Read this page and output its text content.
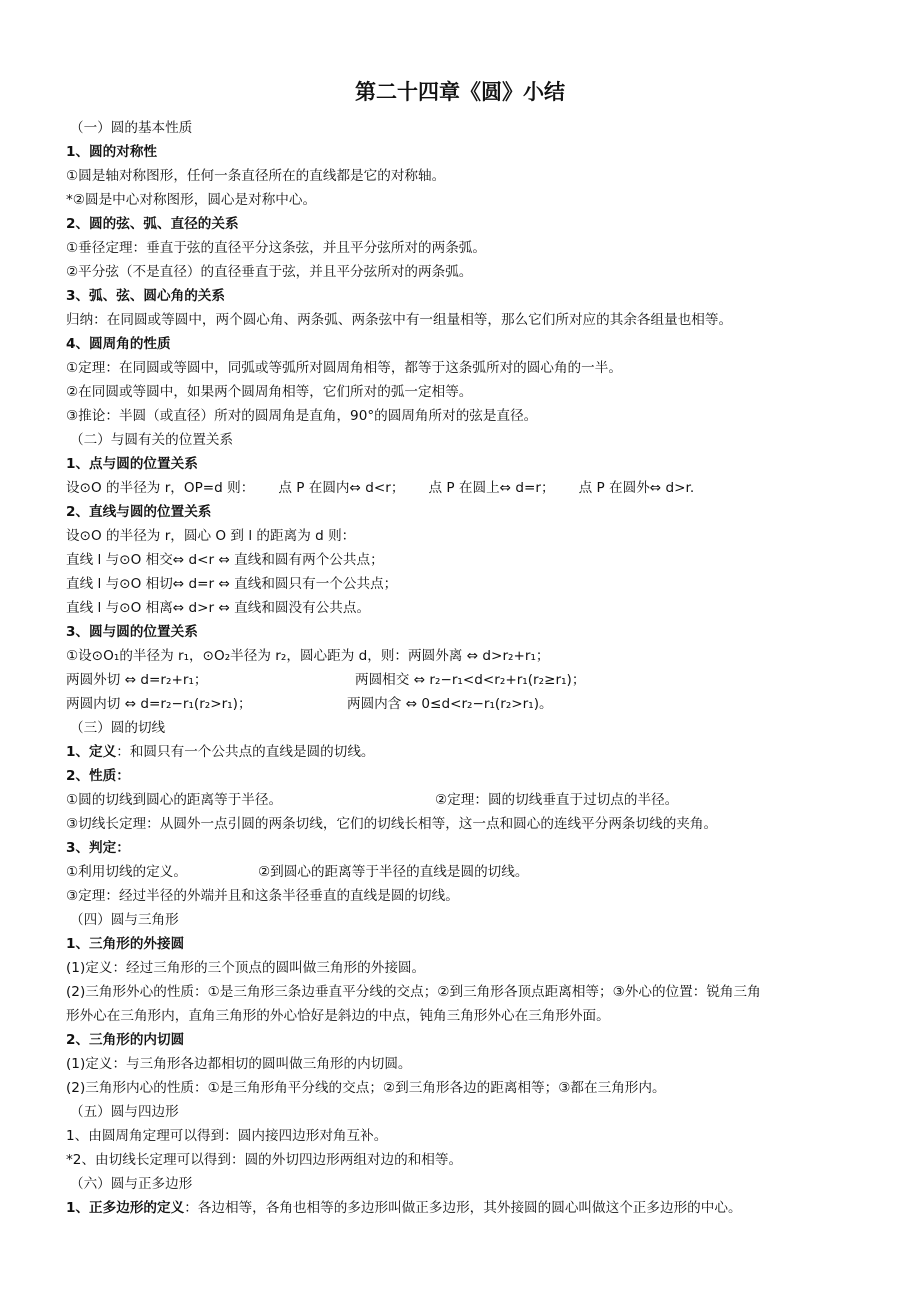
第二十四章《圆》小结
（一）圆的基本性质
1、圆的对称性
①圆是轴对称图形，任何一条直径所在的直线都是它的对称轴。
*②圆是中心对称图形，圆心是对称中心。
2、圆的弦、弧、直径的关系
①垂径定理：垂直于弦的直径平分这条弦，并且平分弦所对的两条弧。
②平分弦（不是直径）的直径垂直于弦，并且平分弦所对的两条弧。
3、弧、弦、圆心角的关系
归纳：在同圆或等圆中，两个圆心角、两条弧、两条弦中有一组量相等，那么它们所对应的其余各组量也相等。
4、圆周角的性质
①定理：在同圆或等圆中，同弧或等弧所对圆周角相等，都等于这条弧所对的圆心角的一半。
②在同圆或等圆中，如果两个圆周角相等，它们所对的弧一定相等。
③推论：半圆（或直径）所对的圆周角是直角，90°的圆周角所对的弦是直径。
（二）与圆有关的位置关系
1、点与圆的位置关系
设⊙O 的半径为 r，OP=d 则： 点 P 在圆内⇔ d<r； 点 P 在圆上⇔ d=r； 点 P 在圆外⇔ d>r.
2、直线与圆的位置关系
设⊙O 的半径为 r，圆心 O 到 l 的距离为 d 则：
直线 l 与⊙O 相交⇔ d<r ⇔ 直线和圆有两个公共点；
直线 l 与⊙O 相切⇔ d=r ⇔ 直线和圆只有一个公共点；
直线 l 与⊙O 相离⇔ d>r ⇔ 直线和圆没有公共点。
3、圆与圆的位置关系
①设⊙O₁的半径为 r₁，⊙O₂半径为 r₂，圆心距为 d，则：两圆外离 ⇔ d>r₂+r₁；
两圆外切 ⇔ d=r₂+r₁；	两圆相交 ⇔ r₂−r₁<d<r₂+r₁(r₂≥r₁)；
两圆内切 ⇔ d=r₂−r₁(r₂>r₁)；	两圆内含 ⇔ 0≤d<r₂−r₁(r₂>r₁)。
（三）圆的切线
1、定义：和圆只有一个公共点的直线是圆的切线。
2、性质：
①圆的切线到圆心的距离等于半径。	②定理：圆的切线垂直于过切点的半径。
③切线长定理：从圆外一点引圆的两条切线，它们的切线长相等，这一点和圆心的连线平分两条切线的夹角。
3、判定：
①利用切线的定义。	②到圆心的距离等于半径的直线是圆的切线。
③定理：经过半径的外端并且和这条半径垂直的直线是圆的切线。
（四）圆与三角形
1、三角形的外接圆
(1)定义：经过三角形的三个顶点的圆叫做三角形的外接圆。
(2)三角形外心的性质：①是三角形三条边垂直平分线的交点；②到三角形各顶点距离相等；③外心的位置：锐角三角
形外心在三角形内，直角三角形的外心恰好是斜边的中点，钝角三角形外心在三角形外面。
2、三角形的内切圆
(1)定义：与三角形各边都相切的圆叫做三角形的内切圆。
(2)三角形内心的性质：①是三角形角平分线的交点；②到三角形各边的距离相等；③都在三角形内。
（五）圆与四边形
1、由圆周角定理可以得到：圆内接四边形对角互补。
*2、由切线长定理可以得到：圆的外切四边形两组对边的和相等。
（六）圆与正多边形
1、正多边形的定义：各边相等，各角也相等的多边形叫做正多边形，其外接圆的圆心叫做这个正多边形的中心。
